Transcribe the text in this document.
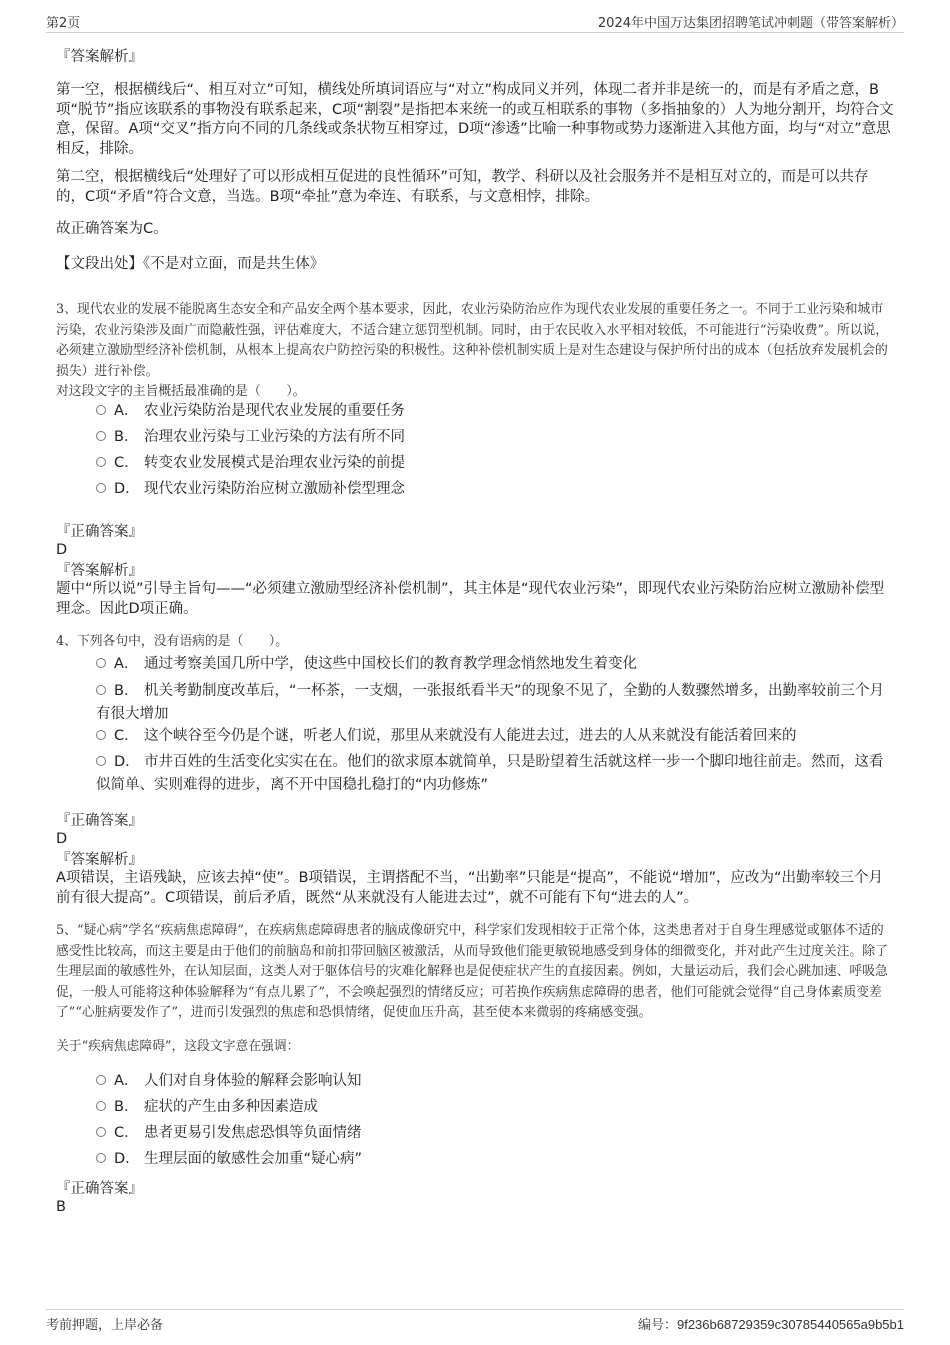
第2页	2024年中国万达集团招聘笔试冲刺题（带答案解析）
『答案解析』
第一空，根据横线后“、相互对立”可知，横线处所填词语应与“对立”构成同义并列，体现二者并非是统一的，而是有矛盾之意，B项“脱节”指应该联系的事物没有联系起来，C项“割裂”是指把本来统一的或互相联系的事物（多指抽象的）人为地分割开，均符合文意，保留。A项“交叉”指方向不同的几条线或条状物互相穿过，D项“渗透”比喻一种事物或势力逐渐进入其他方面，均与“对立”意思相反，排除。
第二空，根据横线后“处理好了可以形成相互促进的良性循环”可知，教学、科研以及社会服务并不是相互对立的，而是可以共存的，C项“矛盾”符合文意，当选。B项“牵扯”意为牵连、有联系，与文意相悖，排除。
故正确答案为C。
【文段出处】《不是对立面，而是共生体》
3、现代农业的发展不能脱离生态安全和产品安全两个基本要求，因此，农业污染防治应作为现代农业发展的重要任务之一。不同于工业污染和城市污染，农业污染涉及面广而隐蔽性强，评估难度大，不适合建立惩罚型机制。同时，由于农民收入水平相对较低，不可能进行“污染收费”。所以说，必须建立激励型经济补偿机制，从根本上提高农户防控污染的积极性。这种补偿机制实质上是对生态建设与保护所付出的成本（包括放弃发展机会的损失）进行补偿。
对这段文字的主旨概括最准确的是（　　）。
A． 农业污染防治是现代农业发展的重要任务
B． 治理农业污染与工业污染的方法有所不同
C． 转变农业发展模式是治理农业污染的前提
D． 现代农业污染防治应树立激励补偿型理念
『正确答案』
D
『答案解析』
题中“所以说”引导主旨句——“必须建立激励型经济补偿机制”，其主体是“现代农业污染”，即现代农业污染防治应树立激励补偿型理念。因此D项正确。
4、下列各句中，没有语病的是（　　）。
A． 通过考察美国几所中学，使这些中国校长们的教育教学理念悄然地发生着变化
B． 机关考勤制度改革后，“一杯茶，一支烟，一张报纸看半天”的现象不见了，全勤的人数骤然增多，出勤率较前三个月有很大增加
C． 这个峡谷至今仍是个谜，听老人们说，那里从来就没有人能进去过，进去的人从来就没有能活着回来的
D． 市井百姓的生活变化实实在在。他们的欲求原本就简单，只是盼望着生活就这样一步一个脚印地往前走。然而，这看似简单、实则难得的进步，离不开中国稳扎稳打的“内功修炼”
『正确答案』
D
『答案解析』
A项错误，主语残缺，应该去掉“使”。B项错误，主谓搭配不当，“出勤率”只能是“提高”，不能说“增加”，应改为“出勤率较三个月前有很大提高”。C项错误，前后矛盾，既然“从来就没有人能进去过”，就不可能有下句“进去的人”。
5、“疑心病”学名“疾病焦虑障碍”，在疾病焦虑障碍患者的脑成像研究中，科学家们发现相较于正常个体，这类患者对于自身生理感觉或躯体不适的感受性比较高，而这主要是由于他们的前脑岛和前扣带回脑区被激活，从而导致他们能更敏锐地感受到身体的细微变化，并对此产生过度关注。除了生理层面的敏感性外，在认知层面，这类人对于躯体信号的灾难化解释也是促使症状产生的直接因素。例如，大量运动后，我们会心跳加速、呼吸急促，一般人可能将这种体验解释为“有点儿累了”，不会唤起强烈的情绪反应；可若换作疾病焦虑障碍的患者，他们可能就会觉得“自己身体素质变差了”“心脏病要发作了”，进而引发强烈的焦虑和恐惧情绪，促使血压升高，甚至使本来微弱的疼痛感变强。
关于“疾病焦虑障碍”，这段文字意在强调：
A． 人们对自身体验的解释会影响认知
B． 症状的产生由多种因素造成
C． 患者更易引发焦虑恐惧等负面情绪
D． 生理层面的敏感性会加重“疑心病”
『正确答案』
B
考前押题，上岸必备	编号：9f236b68729359c30785440565a9b5b1
